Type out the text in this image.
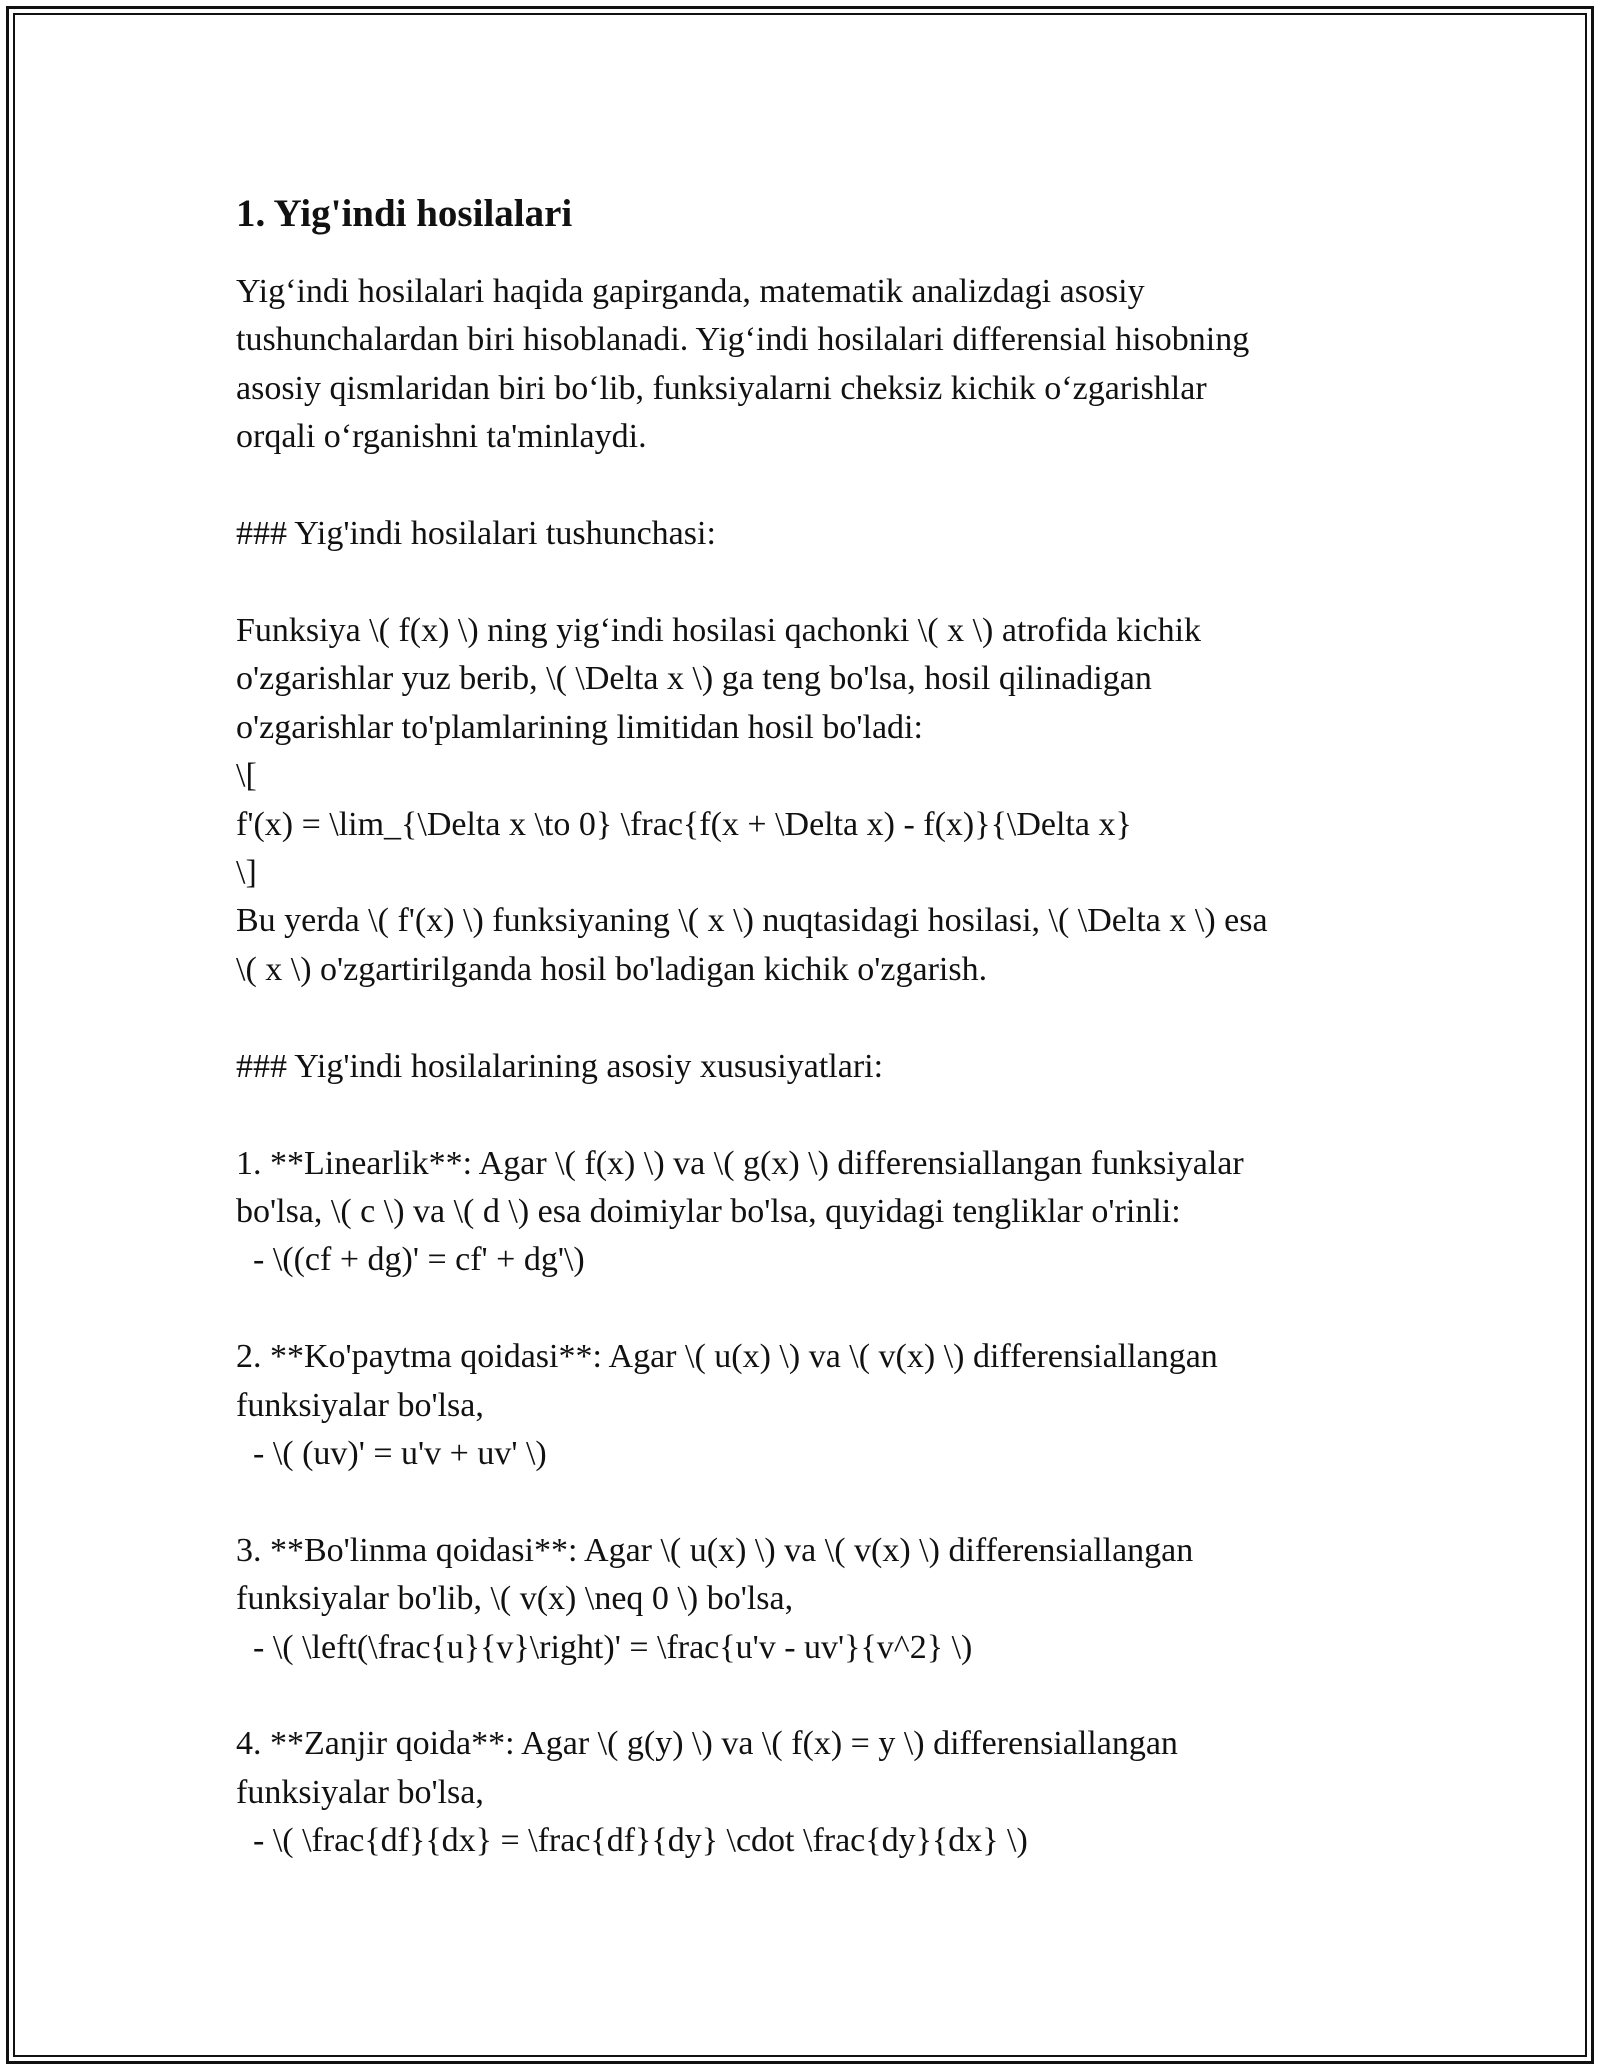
1. Yig'indi hosilalari

Yig‘indi hosilalari haqida gapirganda, matematik analizdagi asosiy

tushunchalardan biri hisoblanadi. Yig‘indi hosilalari differensial hisobning

asosiy qismlaridan biri bo‘lib, funksiyalarni cheksiz kichik o‘zgarishlar

orqali o‘rganishni ta'minlaydi.

### Yig'indi hosilalari tushunchasi:

Funksiya \( f(x) \) ning yig‘indi hosilasi qachonki \( x \) atrofida kichik

o'zgarishlar yuz berib, \( \Delta x \) ga teng bo'lsa, hosil qilinadigan

o'zgarishlar to'plamlarining limitidan hosil bo'ladi:

\[

f'(x) = \lim_{\Delta x \to 0} \frac{f(x + \Delta x) - f(x)}{\Delta x}

\]

Bu yerda \( f'(x) \) funksiyaning \( x \) nuqtasidagi hosilasi, \( \Delta x \) esa

\( x \) o'zgartirilganda hosil bo'ladigan kichik o'zgarish.

### Yig'indi hosilalarining asosiy xususiyatlari:

1. **Linearlik**: Agar \( f(x) \) va \( g(x) \) differensiallangan funksiyalar

bo'lsa, \( c \) va \( d \) esa doimiylar bo'lsa, quyidagi tengliklar o'rinli:

- \((cf + dg)' = cf' + dg'\)

2. **Ko'paytma qoidasi**: Agar \( u(x) \) va \( v(x) \) differensiallangan

funksiyalar bo'lsa,

- \( (uv)' = u'v + uv' \)

3. **Bo'linma qoidasi**: Agar \( u(x) \) va \( v(x) \) differensiallangan

funksiyalar bo'lib, \( v(x) \neq 0 \) bo'lsa,

- \( \left(\frac{u}{v}\right)' = \frac{u'v - uv'}{v^2} \)

4. **Zanjir qoida**: Agar \( g(y) \) va \( f(x) = y \) differensiallangan

funksiyalar bo'lsa,

- \( \frac{df}{dx} = \frac{df}{dy} \cdot \frac{dy}{dx} \)
